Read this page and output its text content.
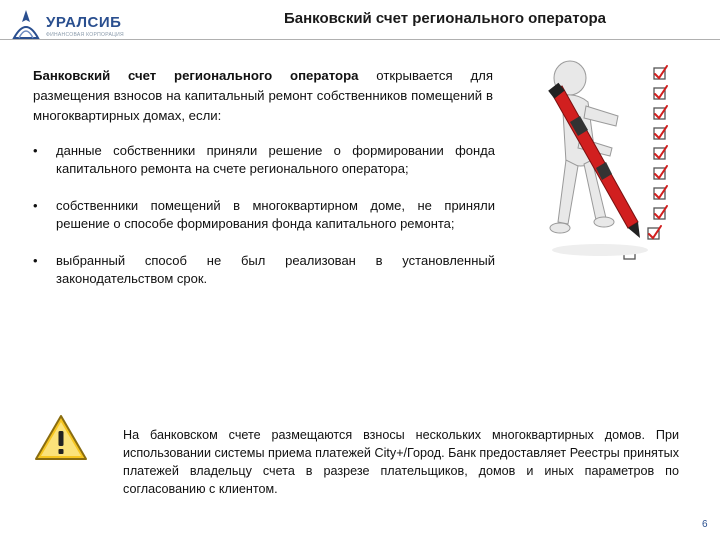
УРАЛСИБ
ФИНАНСОВАЯ КОРПОРАЦИЯ
Банковский счет регионального оператора
Банковский счет регионального оператора открывается для размещения взносов на капитальный ремонт собственников помещений в многоквартирных домах, если:
• данные собственники приняли решение о формировании фонда капитального ремонта на счете регионального оператора;
• собственники помещений в многоквартирном доме, не приняли решение о способе формирования фонда капитального ремонта;
• выбранный способ не был реализован в установленный законодательством срок.
На банковском счете размещаются взносы нескольких многоквартирных домов. При использовании системы приема платежей City+/Город. Банк предоставляет Реестры принятых платежей владельцу счета в разрезе плательщиков, домов и иных параметров по согласованию с клиентом.
6
